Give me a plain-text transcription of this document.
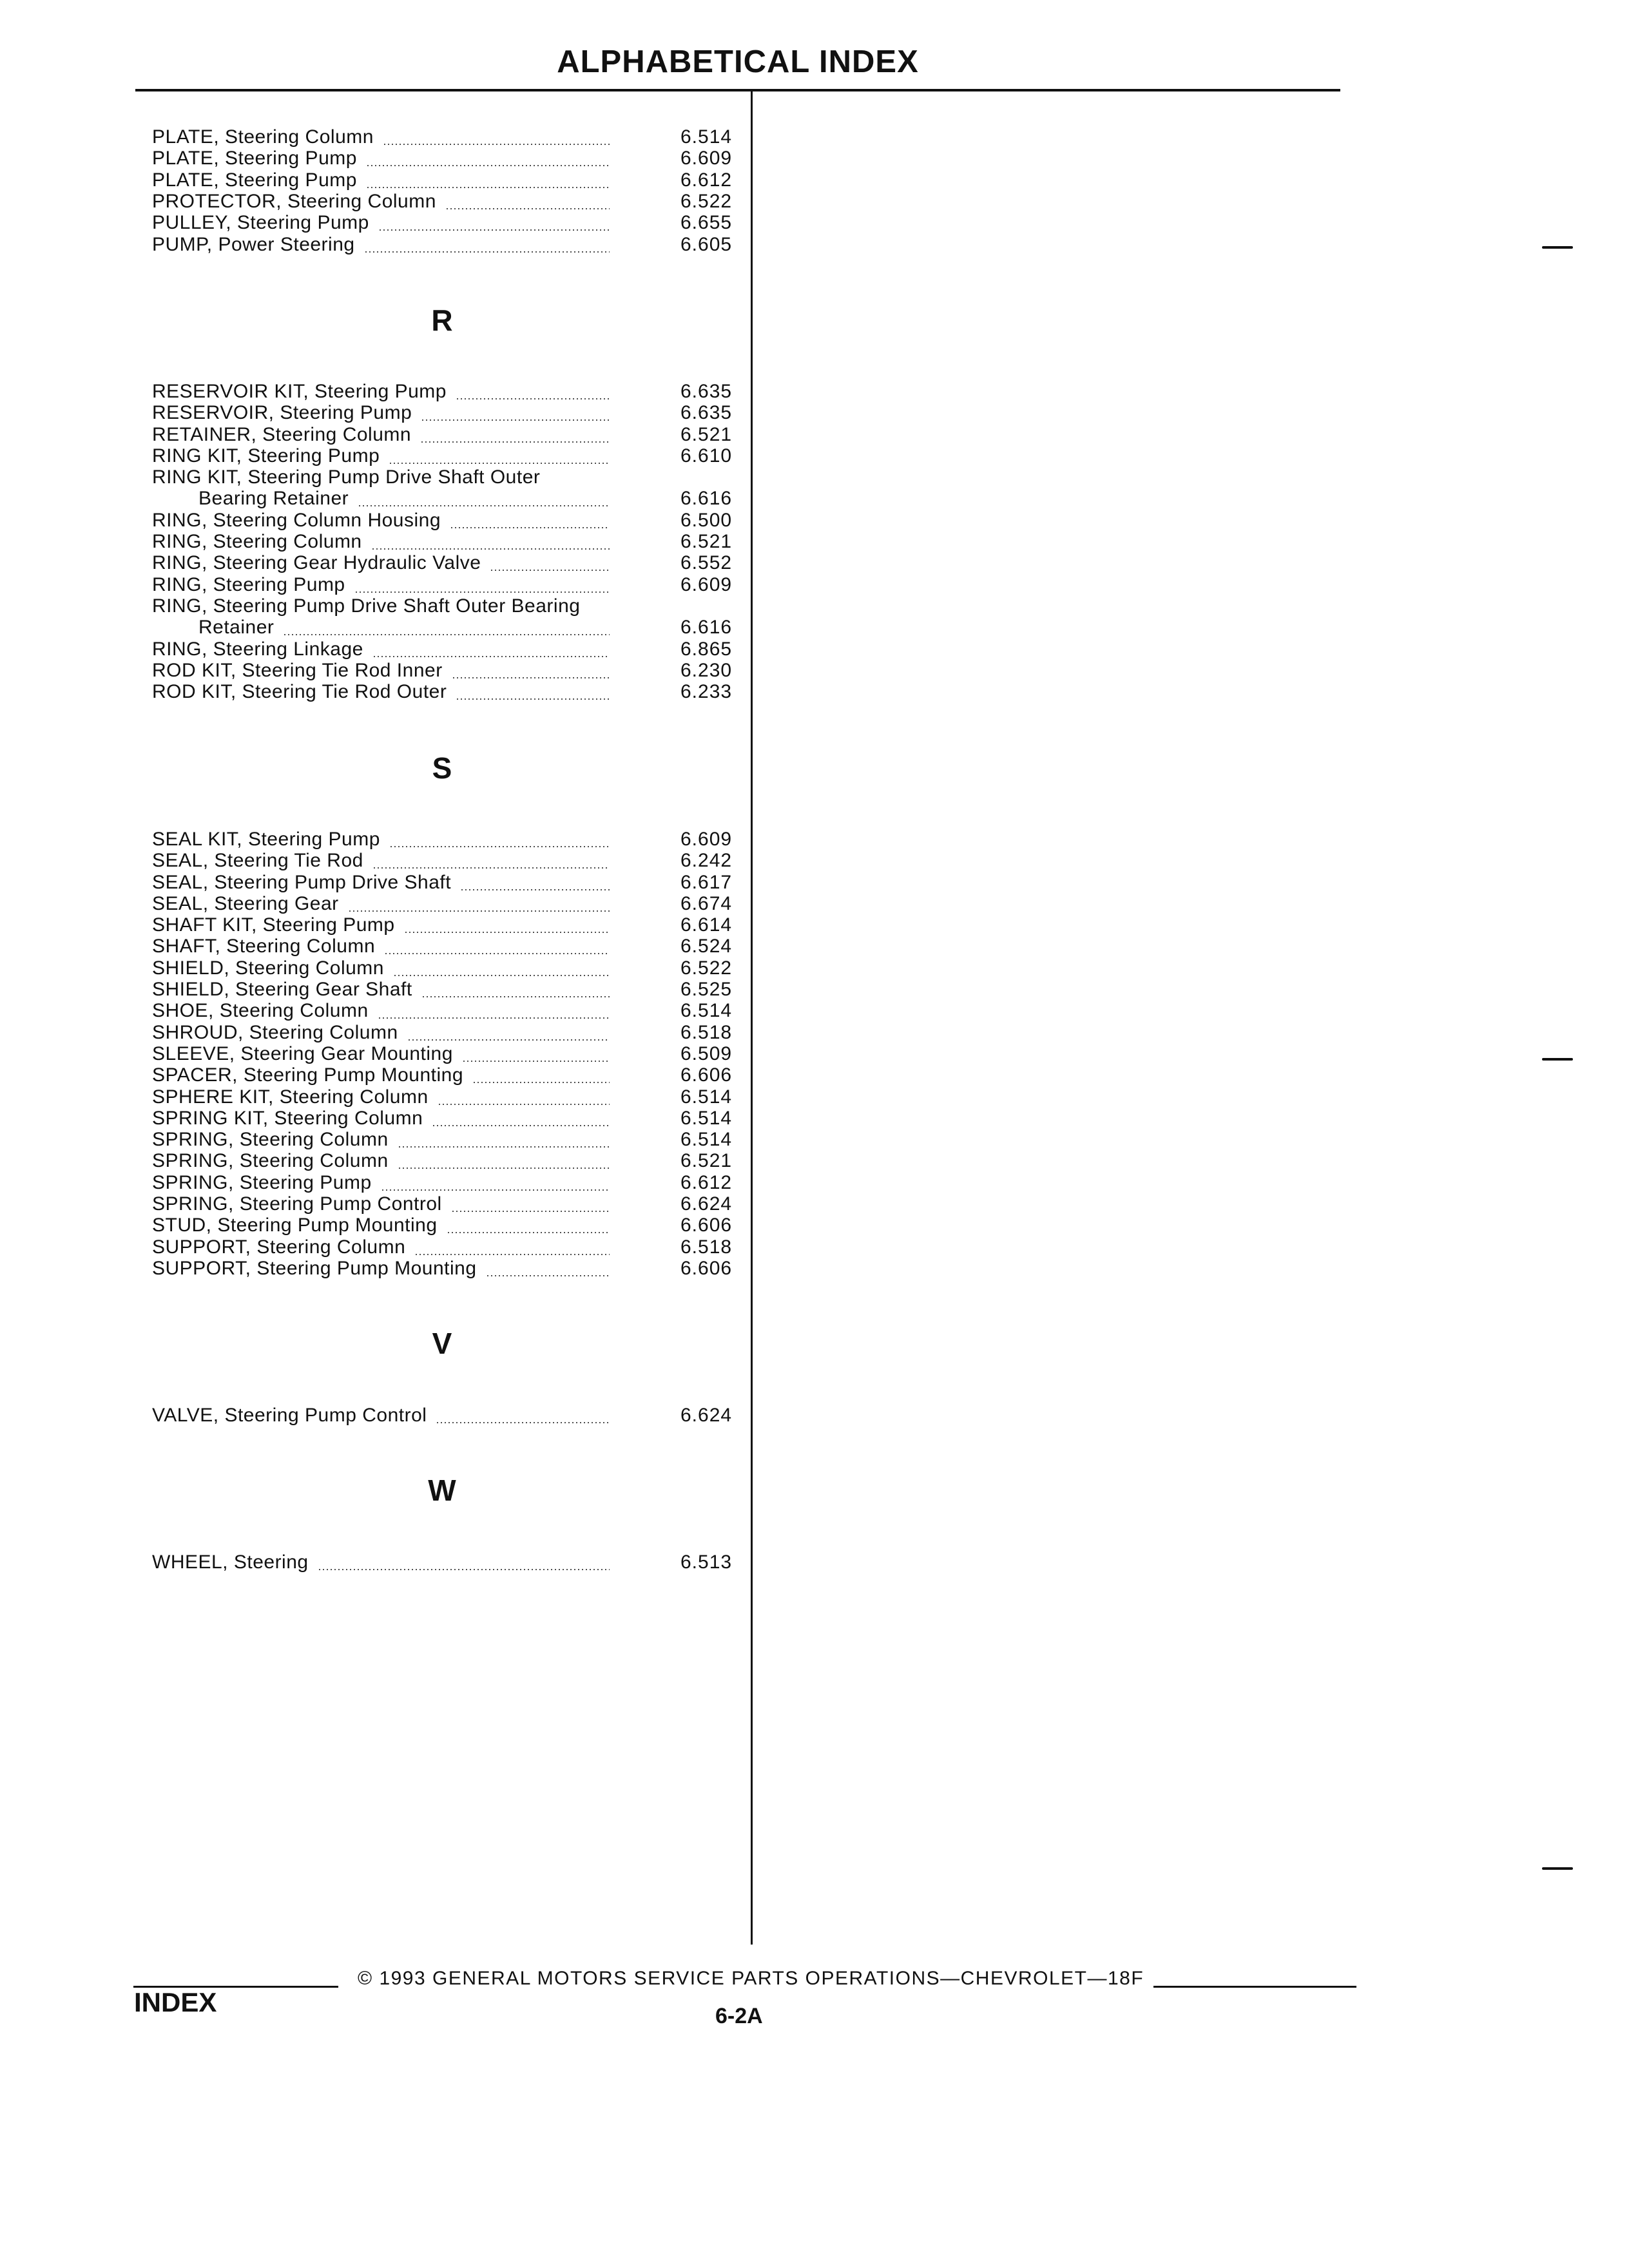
ALPHABETICAL INDEX
PLATE, Steering Column	6.514
PLATE, Steering Pump	6.609
PLATE, Steering Pump	6.612
PROTECTOR, Steering Column	6.522
PULLEY, Steering Pump	6.655
PUMP, Power Steering	6.605
R
RESERVOIR KIT, Steering Pump	6.635
RESERVOIR, Steering Pump	6.635
RETAINER, Steering Column	6.521
RING KIT, Steering Pump	6.610
RING KIT, Steering Pump Drive Shaft Outer
Bearing Retainer	6.616
RING, Steering Column Housing	6.500
RING, Steering Column	6.521
RING, Steering Gear Hydraulic Valve	6.552
RING, Steering Pump	6.609
RING, Steering Pump Drive Shaft Outer Bearing
Retainer	6.616
RING, Steering Linkage	6.865
ROD KIT, Steering Tie Rod Inner	6.230
ROD KIT, Steering Tie Rod Outer	6.233
S
SEAL KIT, Steering Pump	6.609
SEAL, Steering Tie Rod	6.242
SEAL, Steering Pump Drive Shaft	6.617
SEAL, Steering Gear	6.674
SHAFT KIT, Steering Pump	6.614
SHAFT, Steering Column	6.524
SHIELD, Steering Column	6.522
SHIELD, Steering Gear Shaft	6.525
SHOE, Steering Column	6.514
SHROUD, Steering Column	6.518
SLEEVE, Steering Gear Mounting	6.509
SPACER, Steering Pump Mounting	6.606
SPHERE KIT, Steering Column	6.514
SPRING KIT, Steering Column	6.514
SPRING, Steering Column	6.514
SPRING, Steering Column	6.521
SPRING, Steering Pump	6.612
SPRING, Steering Pump Control	6.624
STUD, Steering Pump Mounting	6.606
SUPPORT, Steering Column	6.518
SUPPORT, Steering Pump Mounting	6.606
V
VALVE, Steering Pump Control	6.624
W
WHEEL, Steering	6.513
© 1993 GENERAL MOTORS SERVICE PARTS OPERATIONS—CHEVROLET—18F
INDEX	6-2A
